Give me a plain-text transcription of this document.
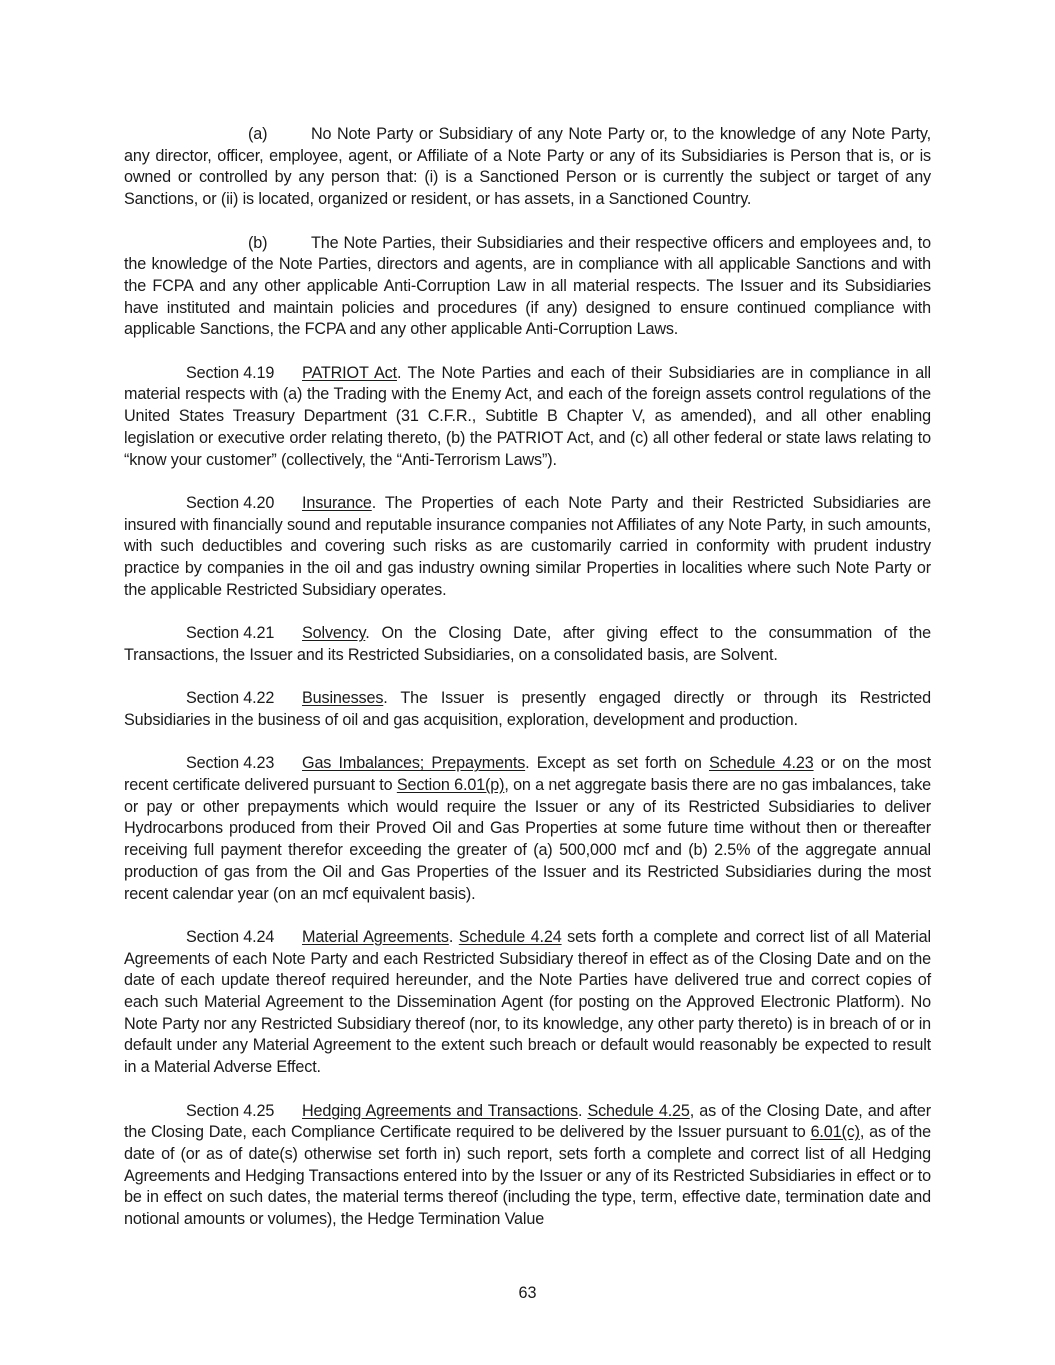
(a)	No Note Party or Subsidiary of any Note Party or, to the knowledge of any Note Party, any director, officer, employee, agent, or Affiliate of a Note Party or any of its Subsidiaries is Person that is, or is owned or controlled by any person that: (i) is a Sanctioned Person or is currently the subject or target of any Sanctions, or (ii) is located, organized or resident, or has assets, in a Sanctioned Country.

(b)	The Note Parties, their Subsidiaries and their respective officers and employees and, to the knowledge of the Note Parties, directors and agents, are in compliance with all applicable Sanctions and with the FCPA and any other applicable Anti-Corruption Law in all material respects. The Issuer and its Subsidiaries have instituted and maintain policies and procedures (if any) designed to ensure continued compliance with applicable Sanctions, the FCPA and any other applicable Anti-Corruption Laws.

Section 4.19 PATRIOT Act. The Note Parties and each of their Subsidiaries are in compliance in all material respects with (a) the Trading with the Enemy Act, and each of the foreign assets control regulations of the United States Treasury Department (31 C.F.R., Subtitle B Chapter V, as amended), and all other enabling legislation or executive order relating thereto, (b) the PATRIOT Act, and (c) all other federal or state laws relating to “know your customer” (collectively, the “Anti-Terrorism Laws”).

Section 4.20 Insurance. The Properties of each Note Party and their Restricted Subsidiaries are insured with financially sound and reputable insurance companies not Affiliates of any Note Party, in such amounts, with such deductibles and covering such risks as are customarily carried in conformity with prudent industry practice by companies in the oil and gas industry owning similar Properties in localities where such Note Party or the applicable Restricted Subsidiary operates.

Section 4.21 Solvency. On the Closing Date, after giving effect to the consummation of the Transactions, the Issuer and its Restricted Subsidiaries, on a consolidated basis, are Solvent.

Section 4.22 Businesses. The Issuer is presently engaged directly or through its Restricted Subsidiaries in the business of oil and gas acquisition, exploration, development and production.

Section 4.23 Gas Imbalances; Prepayments. Except as set forth on Schedule 4.23 or on the most recent certificate delivered pursuant to Section 6.01(p), on a net aggregate basis there are no gas imbalances, take or pay or other prepayments which would require the Issuer or any of its Restricted Subsidiaries to deliver Hydrocarbons produced from their Proved Oil and Gas Properties at some future time without then or thereafter receiving full payment therefor exceeding the greater of (a) 500,000 mcf and (b) 2.5% of the aggregate annual production of gas from the Oil and Gas Properties of the Issuer and its Restricted Subsidiaries during the most recent calendar year (on an mcf equivalent basis).

Section 4.24 Material Agreements. Schedule 4.24 sets forth a complete and correct list of all Material Agreements of each Note Party and each Restricted Subsidiary thereof in effect as of the Closing Date and on the date of each update thereof required hereunder, and the Note Parties have delivered true and correct copies of each such Material Agreement to the Dissemination Agent (for posting on the Approved Electronic Platform). No Note Party nor any Restricted Subsidiary thereof (nor, to its knowledge, any other party thereto) is in breach of or in default under any Material Agreement to the extent such breach or default would reasonably be expected to result in a Material Adverse Effect.

Section 4.25 Hedging Agreements and Transactions. Schedule 4.25, as of the Closing Date, and after the Closing Date, each Compliance Certificate required to be delivered by the Issuer pursuant to 6.01(c), as of the date of (or as of date(s) otherwise set forth in) such report, sets forth a complete and correct list of all Hedging Agreements and Hedging Transactions entered into by the Issuer or any of its Restricted Subsidiaries in effect or to be in effect on such dates, the material terms thereof (including the type, term, effective date, termination date and notional amounts or volumes), the Hedge Termination Value

63
